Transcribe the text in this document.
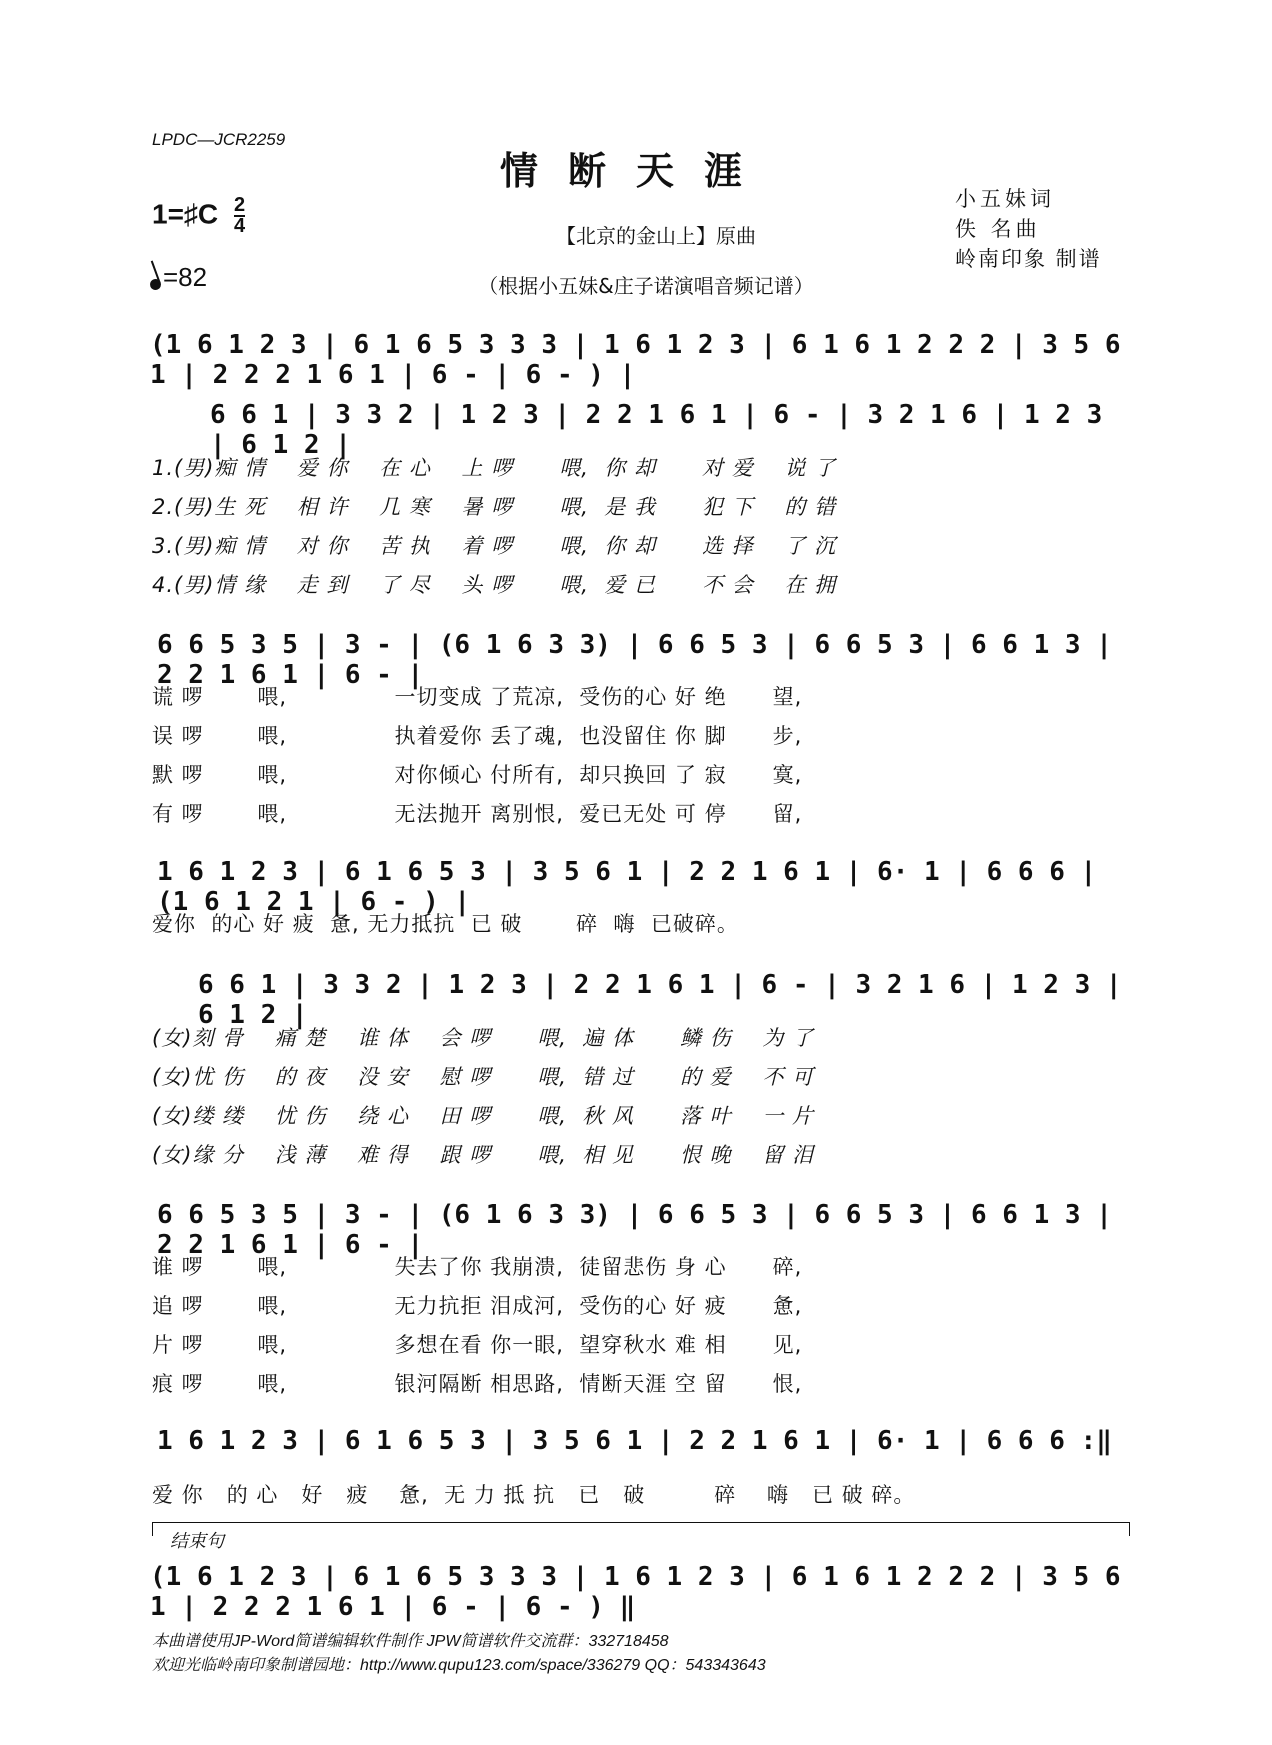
LPDC—JCR2259
情断天涯
1=♯C $\frac{2}{4}$
=82
【北京的金山上】原曲
（根据小五妹&庄子诺演唱音频记谱）
小五妹词
佚 名曲
岭南印象 制谱
(1 6 1 2 3 | 6 1 6 5 3 3 3 | 1 6 1 2 3 | 6 1 6 1 2 2 2 | 3 5 6 1 | 2 2 2 1 6 1 | 6 - | 6 - ) |
6 6 1 | 3 3 2 | 1 2 3 | 2 2 1 6 1 | 6 - | 3 2 1 6 | 1 2 3 | 6 1 2 |
1.(男)痴 情    爱 你    在 心    上 啰      喂,  你 却      对 爱    说 了
2.(男)生 死    相 许    几 寒    暑 啰      喂,  是 我      犯 下    的 错
3.(男)痴 情    对 你    苦 执    着 啰      喂,  你 却      选 择    了 沉
4.(男)情 缘    走 到    了 尽    头 啰      喂,  爱 已      不 会    在 拥
6 6 5 3 5 | 3 - | (6 1 6 3 3) | 6 6 5 3 | 6 6 5 3 | 6 6 1 3 | 2 2 1 6 1 | 6 - |
谎 啰       喂,              一切变成 了荒凉,  受伤的心 好 绝      望,
误 啰       喂,              执着爱你 丢了魂,  也没留住 你 脚      步,
默 啰       喂,              对你倾心 付所有,  却只换回 了 寂      寞,
有 啰       喂,              无法抛开 离别恨,  爱已无处 可 停      留,
1 6 1 2 3 | 6 1 6 5 3 | 3 5 6 1 | 2 2 1 6 1 | 6· 1 | 6 6 6 | (1 6 1 2 1 | 6 - ) |
爱你  的心 好 疲  惫, 无力抵抗  已 破       碎  嗨  已破碎。
6 6 1 | 3 3 2 | 1 2 3 | 2 2 1 6 1 | 6 - | 3 2 1 6 | 1 2 3 | 6 1 2 |
(女)刻 骨    痛 楚    谁 体    会 啰      喂,  遍 体      鳞 伤    为 了
(女)忧 伤    的 夜    没 安    慰 啰      喂,  错 过      的 爱    不 可
(女)缕 缕    忧 伤    绕 心    田 啰      喂,  秋 风      落 叶    一 片
(女)缘 分    浅 薄    难 得    跟 啰      喂,  相 见      恨 晚    留 泪
6 6 5 3 5 | 3 - | (6 1 6 3 3) | 6 6 5 3 | 6 6 5 3 | 6 6 1 3 | 2 2 1 6 1 | 6 - |
谁 啰       喂,              失去了你 我崩溃,  徒留悲伤 身 心      碎,
追 啰       喂,              无力抗拒 泪成河,  受伤的心 好 疲      惫,
片 啰       喂,              多想在看 你一眼,  望穿秋水 难 相      见,
痕 啰       喂,              银河隔断 相思路,  情断天涯 空 留      恨,
1 6 1 2 3 | 6 1 6 5 3 | 3 5 6 1 | 2 2 1 6 1 | 6· 1 | 6 6 6 :‖
爱 你   的 心   好   疲    惫,  无 力 抵 抗   已   破         碎    嗨   已 破 碎。
结束句
(1 6 1 2 3 | 6 1 6 5 3 3 3 | 1 6 1 2 3 | 6 1 6 1 2 2 2 | 3 5 6 1 | 2 2 2 1 6 1 | 6 - | 6 - ) ‖
本曲谱使用JP-Word简谱编辑软件制作 JPW简谱软件交流群：332718458
欢迎光临岭南印象制谱园地：http://www.qupu123.com/space/336279 QQ：543343643
